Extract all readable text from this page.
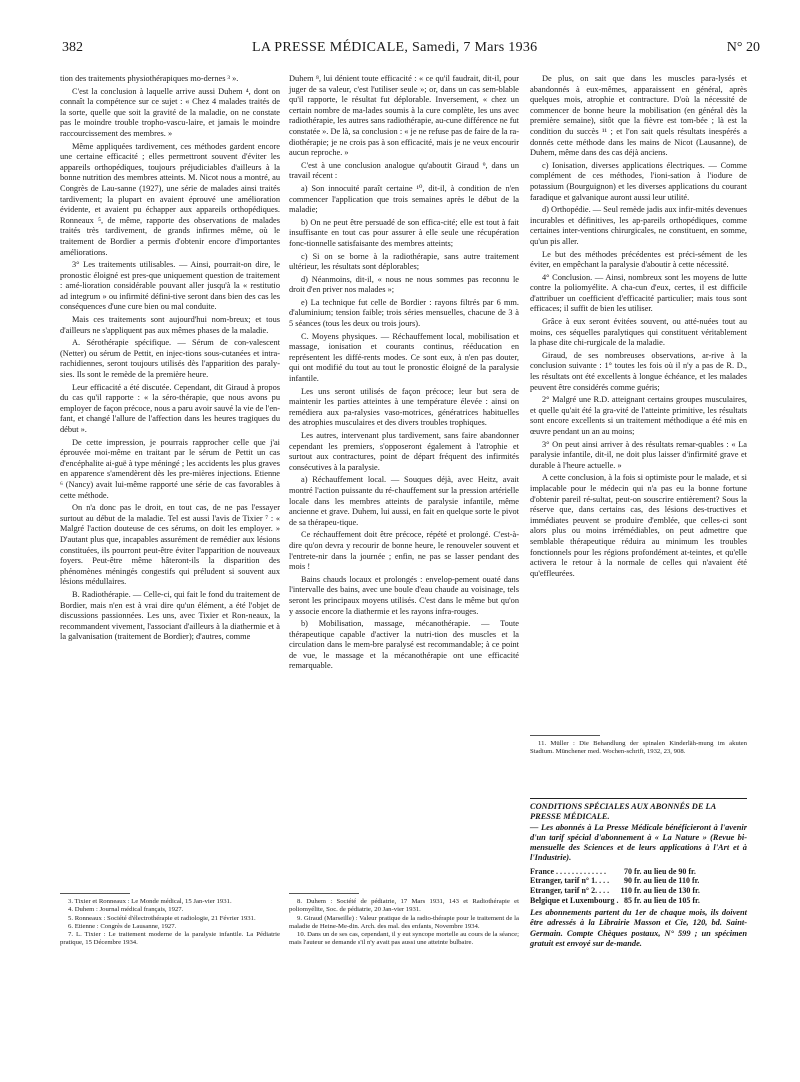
382	LA PRESSE MÉDICALE, Samedi, 7 Mars 1936	N° 20

tion des traitements physiothérapiques mo-dernes ³ ».

C'est la conclusion à laquelle arrive aussi Duhem ⁴, dont on connaît la compétence sur ce sujet : « Chez 4 malades traités de la sorte, quelle que soit la gravité de la maladie, on ne constate pas le moindre trouble tropho-vascu-laire, et jamais le moindre raccourcissement des membres. »

Même appliquées tardivement, ces méthodes gardent encore une certaine efficacité ; elles permettront souvent d'éviter les appareils orthopédiques, toujours préjudiciables d'ailleurs à la bonne nutrition des membres atteints. M. Nicot nous a montré, au Congrès de Lau-sanne (1927), une série de malades ainsi traités tardivement; la plupart en avaient éprouvé une amélioration évidente, et avaient pu échapper aux appareils orthopédiques. Ronneaux ⁵, de même, rapporte des observations de malades traités très tardivement, de grands infirmes même, où le traitement de Bordier a permis d'obtenir encore d'importantes améliorations.

3° Les traitements utilisables. — Ainsi, pourrait-on dire, le pronostic éloigné est pres-que uniquement question de traitement : amé-lioration considérable pouvant aller jusqu'à la « restitutio ad integrum » ou infirmité défini-tive seront dans bien des cas les conséquences d'une cure bien ou mal conduite.

Mais ces traitements sont aujourd'hui nom-breux; et tous d'ailleurs ne s'appliquent pas aux mêmes phases de la maladie.

A. Sérothérapie spécifique. — Sérum de con-valescent (Netter) ou sérum de Pettit, en injec-tions sous-cutanées et intra-rachidiennes, seront toujours utilisés dès l'apparition des paraly-sies. Ils sont le remède de la première heure.

Leur efficacité a été discutée. Cependant, dit Giraud à propos du cas qu'il rapporte : « la séro-thérapie, que nous avons pu employer de façon précoce, nous a paru avoir sauvé la vie de l'en-fant, et changé l'allure de l'affection dans les heures tragiques du début ».

De cette impression, je pourrais rapprocher celle que j'ai éprouvée moi-même en traitant par le sérum de Pettit un cas d'encéphalite ai-guë à type méningé ; les accidents les plus graves en apparence s'amendèrent dès les pre-mières injections. Etienne ⁶ (Nancy) avait lui-même rapporté une série de cas favorables à cette méthode.

On n'a donc pas le droit, en tout cas, de ne pas l'essayer surtout au début de la maladie. Tel est aussi l'avis de Tixier ⁷ : « Malgré l'action douteuse de ces sérums, on doit les employer. » D'autant plus que, incapables assurément de remédier aux lésions constituées, ils pourront peut-être éviter l'apparition de nouveaux foyers. Peut-être même hâteront-ils la disparition des phénomènes méningés congestifs qui préludent si souvent aux lésions médullaires.

B. Radiothérapie. — Celle-ci, qui fait le fond du traitement de Bordier, mais n'en est à vrai dire qu'un élément, a été l'objet de discussions passionnées. Les uns, avec Tixier et Ron-neaux, la recommandent vivement, l'associant d'ailleurs à la diathermie et à la galvanisation (traitement de Bordier); d'autres, comme

Duhem ⁸, lui dénient toute efficacité : « ce qu'il faudrait, dit-il, pour juger de sa valeur, c'est l'utiliser seule »; or, dans un cas sem-blable qu'il rapporte, le résultat fut déplorable. Inversement, « chez un certain nombre de ma-lades soumis à la cure complète, les uns avec radiothérapie, les autres sans radiothérapie, au-cune différence ne fut constatée ». De là, sa conclusion : « je ne refuse pas de faire de la ra-diothérapie; je ne crois pas à son efficacité, mais je ne veux encourir aucun reproche. »

C'est à une conclusion analogue qu'aboutit Giraud ⁹, dans un travail récent :

a) Son innocuité paraît certaine ¹⁰, dit-il, à condition de n'en commencer l'application que trois semaines après le début de la maladie;

b) On ne peut être persuadé de son effica-cité; elle est tout à fait insuffisante en tout cas pour assurer à elle seule une récupération fonc-tionnelle satisfaisante des membres atteints;

c) Si on se borne à la radiothérapie, sans autre traitement ultérieur, les résultats sont déplorables;

d) Néanmoins, dit-il, « nous ne nous sommes pas reconnu le droit d'en priver nos malades »;

e) La technique fut celle de Bordier : rayons filtrés par 6 mm. d'aluminium; tension faible; trois séries mensuelles, chacune de 3 à 5 séances (tous les deux ou trois jours).

C. Moyens physiques. — Réchauffement local, mobilisation et massage, ionisation et courants continus, rééducation en représentent les diffé-rents modes. Ce sont eux, à n'en pas douter, qui ont modifié du tout au tout le pronostic éloigné de la paralysie infantile.

Les uns seront utilisés de façon précoce; leur but sera de maintenir les parties atteintes à une température élevée : ainsi on remédiera aux pa-ralysies vaso-motrices, génératrices habituelles des atrophies musculaires et des divers troubles trophiques.

Les autres, intervenant plus tardivement, sans faire abandonner cependant les premiers, s'opposeront également à l'atrophie et surtout aux contractures, point de départ fréquent des infirmités consécutives à la paralysie.

a) Réchauffement local. — Souques déjà, avec Heitz, avait montré l'action puissante du ré-chauffement sur la pression artérielle locale dans les membres atteints de paralysie infantile, même ancienne et grave. Duhem, lui aussi, en fait en quelque sorte le pivot de sa thérapeu-tique.

Ce réchauffement doit être précoce, répété et prolongé. C'est-à-dire qu'on devra y recourir de bonne heure, le renouveler souvent et l'entrete-nir dans la journée ; enfin, ne pas se lasser pendant des mois !

Bains chauds locaux et prolongés : envelop-pement ouaté dans l'intervalle des bains, avec une boule d'eau chaude au voisinage, tels seront les principaux moyens utilisés. C'est dans le même but qu'on y associe encore la diathermie et les rayons infra-rouges.

b) Mobilisation, massage, mécanothérapie. — Toute thérapeutique capable d'activer la nutri-tion des muscles et la circulation dans le mem-bre paralysé est recommandable; à ce point de vue, le massage et la mécanothérapie ont une efficacité remarquable.

De plus, on sait que dans les muscles para-lysés et abandonnés à eux-mêmes, apparaissent en général, après quelques mois, atrophie et contracture. D'où la nécessité de commencer de bonne heure la mobilisation (en général dès la première semaine), sitôt que la fièvre est tom-bée ; là est la condition du succès ¹¹ ; et l'on sait quels résultats inespérés a donnés cette méthode dans les mains de Nicot (Lausanne), de Duhem, même dans des cas déjà anciens.

c) Ionisation, diverses applications électriques. — Comme complément de ces méthodes, l'ioni-sation à l'iodure de potassium (Bourguignon) et les diverses applications du courant faradique et galvanique auront aussi leur utilité.

d) Orthopédie. — Seul remède jadis aux infir-mités devenues incurables et définitives, les ap-pareils orthopédiques, comme certaines inter-ventions chirurgicales, ne constituent, en somme, qu'un pis aller.

Le but des méthodes précédentes est préci-sément de les éviter, en empêchant la paralysie d'aboutir à cette nécessité.

4° Conclusion. — Ainsi, nombreux sont les moyens de lutte contre la poliomyélite. A cha-cun d'eux, certes, il est difficile d'attribuer un coefficient d'efficacité particulier; mais tous sont efficaces; il suffit de bien les utiliser.

Grâce à eux seront évitées souvent, ou atté-nuées tout au moins, ces séquelles paralytiques qui constituent véritablement la phase dite chi-rurgicale de la maladie.

Giraud, de ses nombreuses observations, ar-rive à la conclusion suivante : 1° toutes les fois où il n'y a pas de R. D., les résultats ont été excellents à longue échéance, et les malades peuvent être considérés comme guéris;

2° Malgré une R.D. atteignant certains groupes musculaires, et quelle qu'ait été la gra-vité de l'atteinte primitive, les résultats sont encore excellents si un traitement méthodique a été mis en œuvre pendant un an au moins;

3° On peut ainsi arriver à des résultats remar-quables : « La paralysie infantile, dit-il, ne doit plus laisser d'infirmité grave et durable à l'heure actuelle. »

A cette conclusion, à la fois si optimiste pour le malade, et si implacable pour le médecin qui n'a pas eu la bonne fortune d'obtenir pareil ré-sultat, peut-on souscrire entièrement? Sous la réserve que, dans certains cas, des lésions des-tructives et immédiates peuvent se produire d'emblée, que celles-ci sont alors plus ou moins irrémédiables, on peut admettre que semblable thérapeutique réduira au minimum les troubles fonctionnels pour les régions profondément at-teintes, et qu'elle activera le retour à la normale de celles qui n'avaient été qu'effleurées.

3. Tixier et Ronneaux : Le Monde médical, 15 Jan-vier 1931.

4. Duhem : Journal médical français, 1927.

5. Ronneaux : Société d'électrothérapie et radiologie, 21 Février 1931.

6. Etienne : Congrès de Lausanne, 1927.

7. L. Tixier : Le traitement moderne de la paralysie infantile. La Pédiatrie pratique, 15 Décembre 1934.

8. Duhem : Société de pédiatrie, 17 Mars 1931, 143 et Radiothérapie et poliomyélite, Soc. de pédiatrie, 20 Jan-vier 1931.

9. Giraud (Marseille) : Valeur pratique de la radio-thérapie pour le traitement de la maladie de Heine-Me-din. Arch. des mal. des enfants, Novembre 1934.

10. Dans un de ses cas, cependant, il y eut syncope mortelle au cours de la séance; mais l'auteur se demande s'il n'y avait pas aussi une atteinte bulbaire.

11. Müller : Die Behandlung der spinalen Kinderläh-mung im akuten Stadium. Münchener med. Wochen-schrift, 1932, 23, 908.

CONDITIONS SPÉCIALES AUX ABONNÉS DE LA PRESSE MÉDICALE.
— Les abonnés à La Presse Médicale bénéficieront à l'avenir d'un tarif spécial d'abonnement à « La Nature » (Revue bi-mensuelle des Sciences et de leurs applications à l'Art et à l'Industrie).
France . . . . . . . . . . . . .	70 fr.	au lieu de 90 fr.
Etranger, tarif n° 1. . . .	90 fr.	au lieu de 110 fr.
Etranger, tarif n° 2. . . .	110 fr.	au lieu de 130 fr.
Belgique et Luxembourg .	85 fr.	au lieu de 105 fr.
Les abonnements partent du 1er de chaque mois, ils doivent être adressés à la Librairie Masson et Cie, 120, bd. Saint-Germain. Compte Chèques postaux, N° 599 ; un spécimen gratuit est envoyé sur de-mande.
